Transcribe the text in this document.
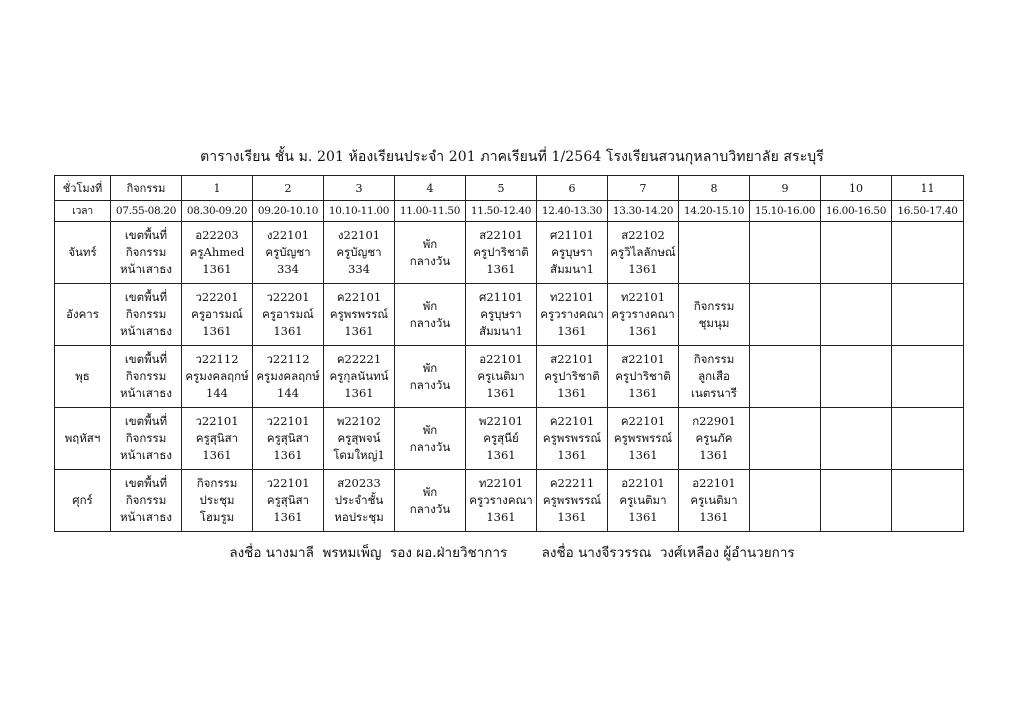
ตารางเรียน ชั้น ม. 201 ห้องเรียนประจำ 201 ภาคเรียนที่ 1/2564 โรงเรียนสวนกุหลาบวิทยาลัย สระบุรี
ชั่วโมงที่	กิจกรรม	1	2	3	4	5	6	7	8	9	10	11
เวลา	07.55-08.20	08.30-09.20	09.20-10.10	10.10-11.00	11.00-11.50	11.50-12.40	12.40-13.30	13.30-14.20	14.20-15.10	15.10-16.00	16.00-16.50	16.50-17.40
จันทร์	เขตพื้นที่
กิจกรรม
หน้าเสาธง	อ22203
ครูAhmed
1361	ง22101
ครูบัญชา
334	ง22101
ครูบัญชา
334	พัก
กลางวัน	ส22101
ครูปาริชาติ
1361	ศ21101
ครูบุษรา
สัมมนา1	ส22102
ครูวิไลลักษณ์
1361				

อังคาร	เขตพื้นที่
กิจกรรม
หน้าเสาธง	ว22201
ครูอารมณ์
1361	ว22201
ครูอารมณ์
1361	ค22101
ครูพรพรรณ์
1361	พัก
กลางวัน	ศ21101
ครูบุษรา
สัมมนา1	ท22101
ครูวรางคณา
1361	ท22101
ครูวรางคณา
1361	กิจกรรม
ชุมนุม			

พุธ	เขตพื้นที่
กิจกรรม
หน้าเสาธง	ว22112
ครูมงคลฤกษ์
144	ว22112
ครูมงคลฤกษ์
144	ค22221
ครูกุลนันทน์
1361	พัก
กลางวัน	อ22101
ครูเนติมา
1361	ส22101
ครูปาริชาติ
1361	ส22101
ครูปาริชาติ
1361	กิจกรรม
ลูกเสือ
เนตรนารี			

พฤหัสฯ	เขตพื้นที่
กิจกรรม
หน้าเสาธง	ว22101
ครูสุนิสา
1361	ว22101
ครูสุนิสา
1361	พ22102
ครูสุพจน์
โดมใหญ่1	พัก
กลางวัน	พ22101
ครูสุนีย์
1361	ค22101
ครูพรพรรณ์
1361	ค22101
ครูพรพรรณ์
1361	ก22901
ครูนภัค
1361			

ศุกร์	เขตพื้นที่
กิจกรรม
หน้าเสาธง	กิจกรรม
ประชุม
โฮมรูม	ว22101
ครูสุนิสา
1361	ส20233
ประจำชั้น
หอประชุม	พัก
กลางวัน	ท22101
ครูวรางคณา
1361	ค22211
ครูพรพรรณ์
1361	อ22101
ครูเนติมา
1361	อ22101
ครูเนติมา
1361			

ลงชื่อ นางมาลี  พรหมเพ็ญ  รอง ผอ.ฝ่ายวิชาการ	ลงชื่อ นางจีรวรรณ  วงศ์เหลือง ผู้อำนวยการ
